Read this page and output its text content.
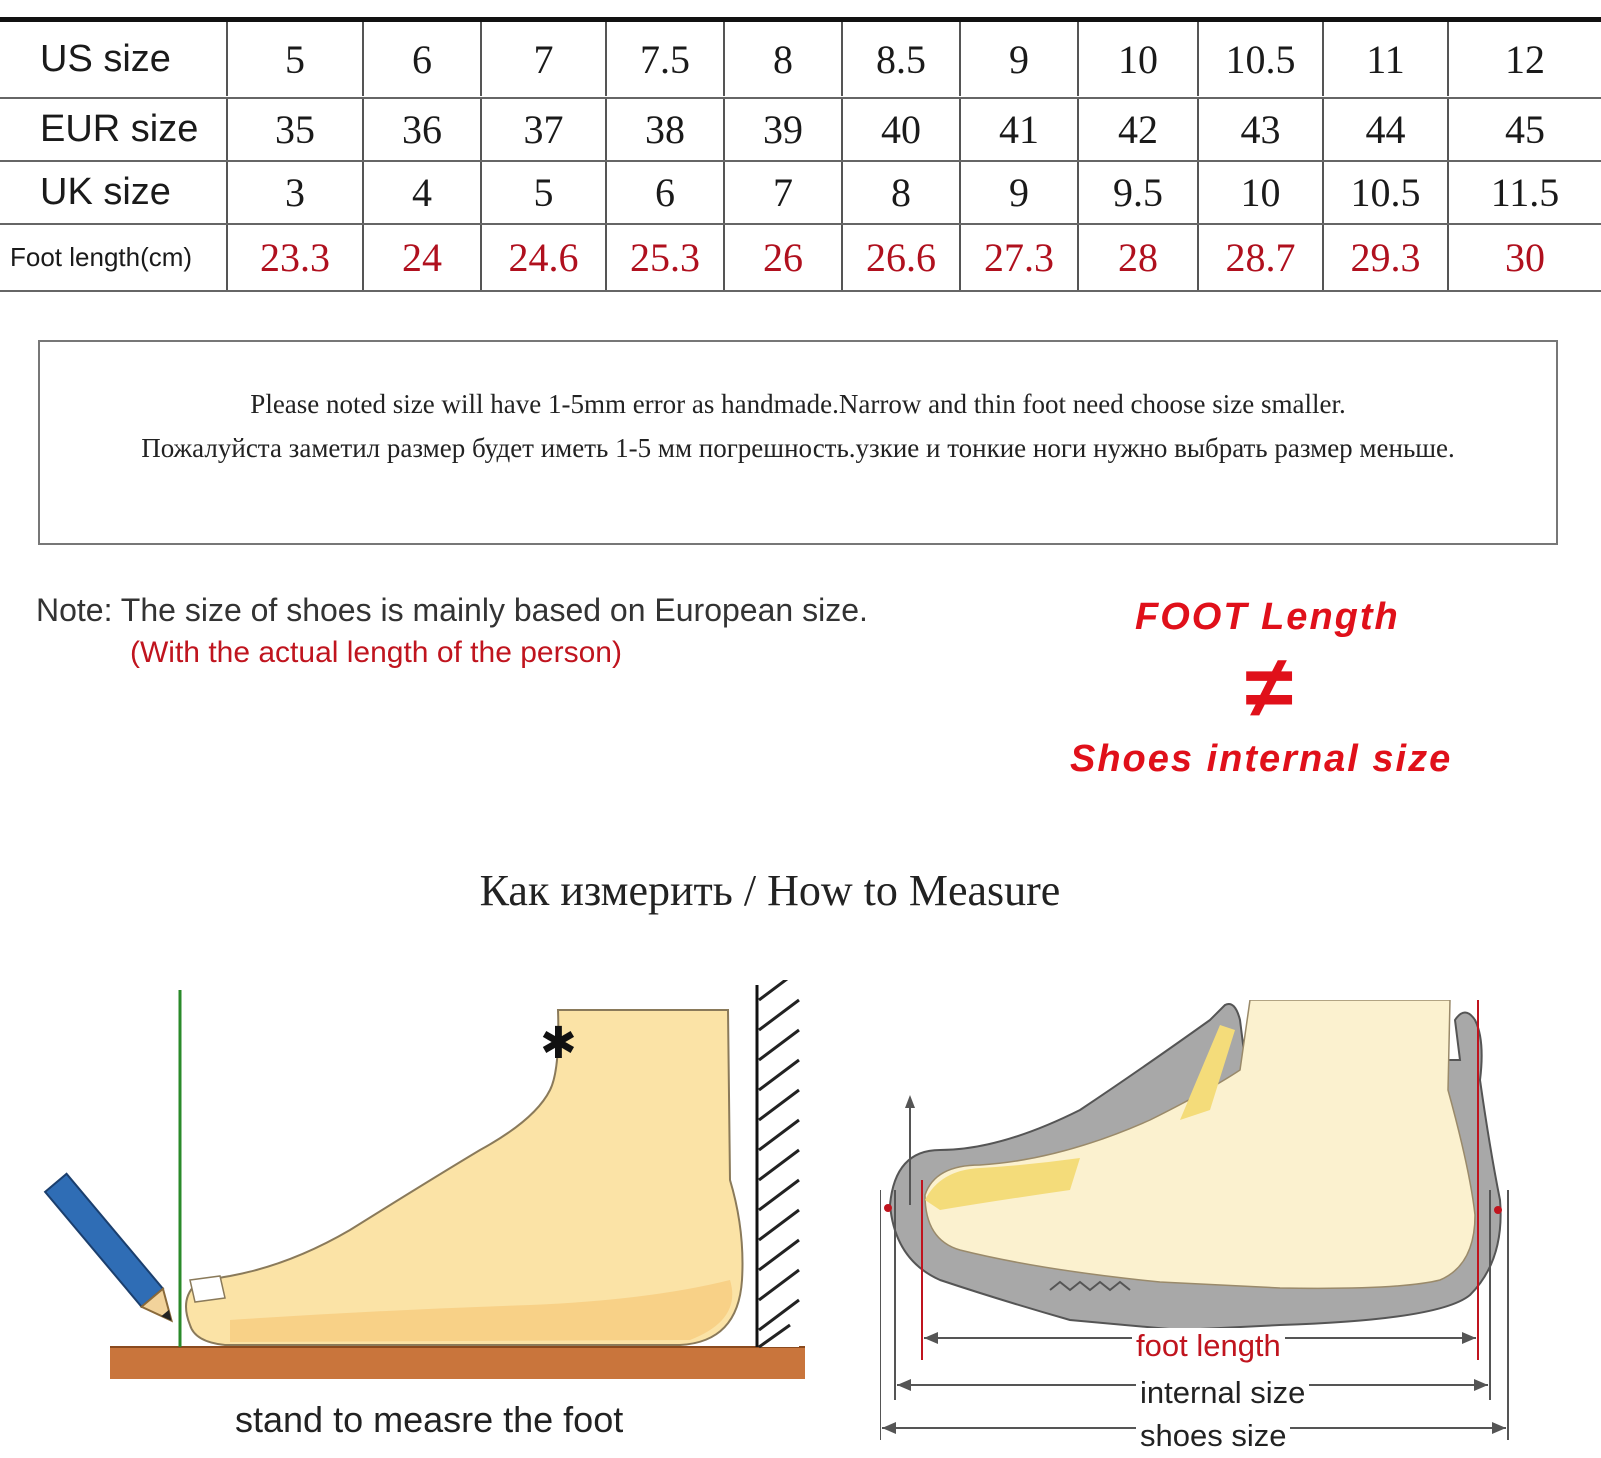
US size	5	6	7	7.5	8	8.5	9	10	10.5	11	12
EUR size	35	36	37	38	39	40	41	42	43	44	45
UK size	3	4	5	6	7	8	9	9.5	10	10.5	11.5
Foot length(cm)	23.3	24	24.6	25.3	26	26.6	27.3	28	28.7	29.3	30

Please noted size will have 1-5mm error as handmade.Narrow and thin foot need choose size smaller.

Пожалуйста заметил размер будет иметь 1-5 мм погрешность.узкие и тонкие ноги нужно выбрать размер меньше.

Note: The size of shoes is mainly based on European size.
(With the actual length of the person)
FOOT Length
≠
Shoes internal size
Как измерить / How to Measure
✱
stand to measre the foot
foot length
internal size
shoes size
